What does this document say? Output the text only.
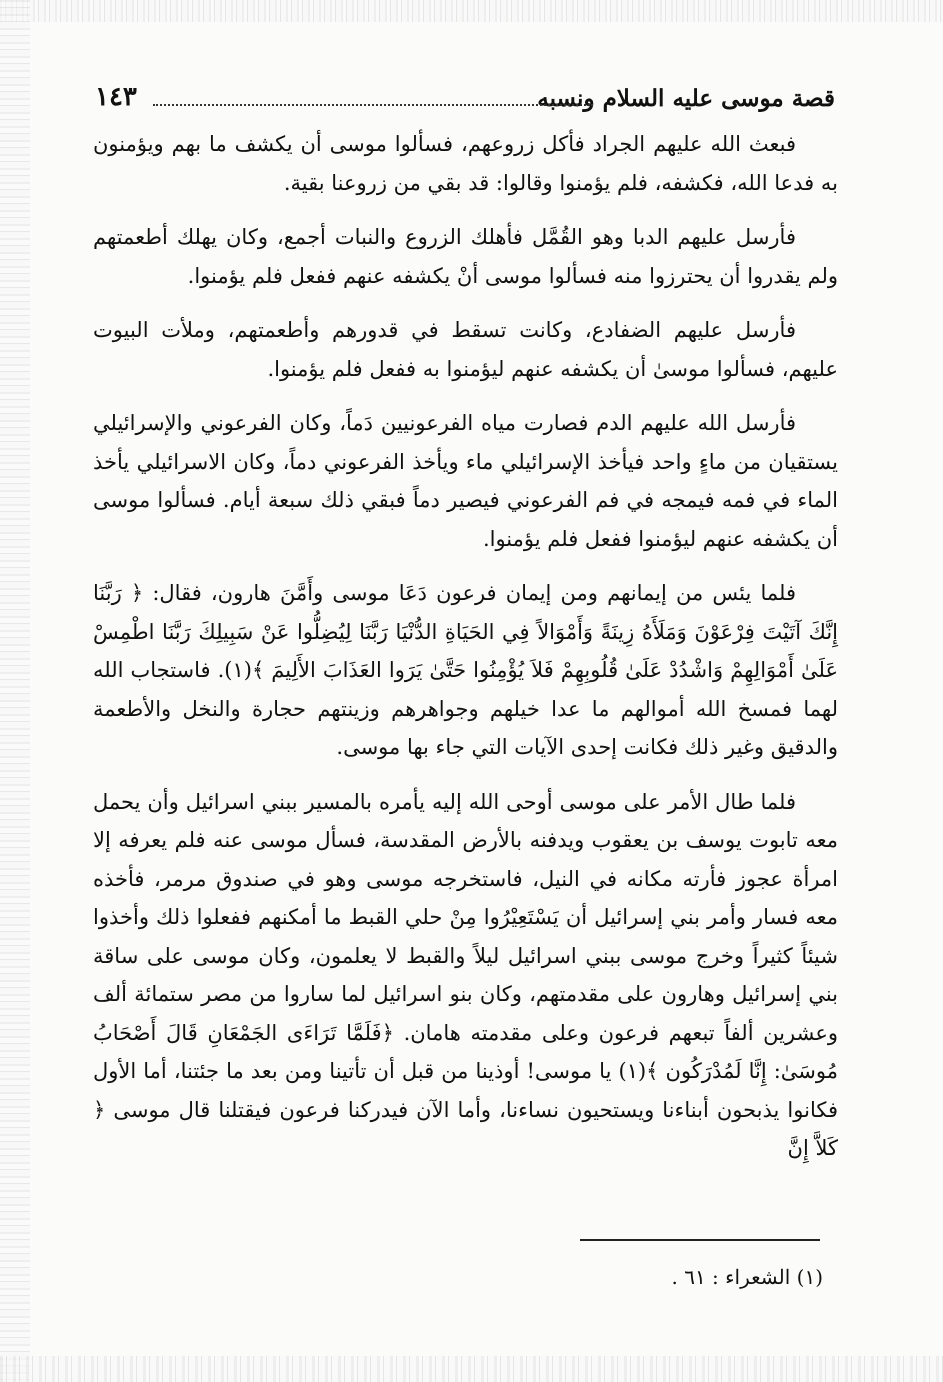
قصة موسى عليه السلام ونسبه
١٤٣

فبعث الله عليهم الجراد فأكل زروعهم، فسألوا موسى أن يكشف ما بهم ويؤمنون به فدعا الله، فكشفه، فلم يؤمنوا وقالوا: قد بقي من زروعنا بقية.

فأرسل عليهم الدبا وهو القُمَّل فأهلك الزروع والنبات أجمع، وكان يهلك أطعمتهم ولم يقدروا أن يحترزوا منه فسألوا موسى أنْ يكشفه عنهم ففعل فلم يؤمنوا.

فأرسل عليهم الضفادع، وكانت تسقط في قدورهم وأطعمتهم، وملأت البيوت عليهم، فسألوا موسىٰ أن يكشفه عنهم ليؤمنوا به ففعل فلم يؤمنوا.

فأرسل الله عليهم الدم فصارت مياه الفرعونيين دَماً، وكان الفرعوني والإسرائيلي يستقيان من ماءٍ واحد فيأخذ الإسرائيلي ماء ويأخذ الفرعوني دماً، وكان الاسرائيلي يأخذ الماء في فمه فيمجه في فم الفرعوني فيصير دماً فبقي ذلك سبعة أيام. فسألوا موسى أن يكشفه عنهم ليؤمنوا ففعل فلم يؤمنوا.

فلما يئس من إيمانهم ومن إيمان فرعون دَعَا موسى وأَمَّنَ هارون، فقال: ﴿ رَبَّنَا إِنَّكَ آتَيْتَ فِرْعَوْنَ وَمَلَأَهُ زِينَةً وَأَمْوَالاً فِي الحَيَاةِ الدُّنْيَا رَبَّنَا لِيُضِلُّوا عَنْ سَبِيلِكَ رَبَّنَا اطْمِسْ عَلَىٰ أَمْوَالِهِمْ وَاشْدُدْ عَلَىٰ قُلُوبِهِمْ فَلاَ يُؤْمِنُوا حَتَّىٰ يَرَوا العَذَابَ الأَلِيمَ ﴾(١). فاستجاب الله لهما فمسخ الله أموالهم ما عدا خيلهم وجواهرهم وزينتهم حجارة والنخل والأطعمة والدقيق وغير ذلك فكانت إحدى الآيات التي جاء بها موسى.

فلما طال الأمر على موسى أوحى الله إليه يأمره بالمسير ببني اسرائيل وأن يحمل معه تابوت يوسف بن يعقوب ويدفنه بالأرض المقدسة، فسأل موسى عنه فلم يعرفه إلا امرأة عجوز فأرته مكانه في النيل، فاستخرجه موسى وهو في صندوق مرمر، فأخذه معه فسار وأمر بني إسرائيل أن يَسْتَعِيْرُوا مِنْ حلي القبط ما أمكنهم ففعلوا ذلك وأخذوا شيئاً كثيراً وخرج موسى ببني اسرائيل ليلاً والقبط لا يعلمون، وكان موسى على ساقة بني إسرائيل وهارون على مقدمتهم، وكان بنو اسرائيل لما ساروا من مصر ستمائة ألف وعشرين ألفاً تبعهم فرعون وعلى مقدمته هامان. ﴿فَلَمَّا تَرَاءَى الجَمْعَانِ قَالَ أَصْحَابُ مُوسَىٰ: إِنَّا لَمُدْرَكُون ﴾(١) يا موسى! أوذينا من قبل أن تأتينا ومن بعد ما جئتنا، أما الأول فكانوا يذبحون أبناءنا ويستحيون نساءنا، وأما الآن فيدركنا فرعون فيقتلنا قال موسى ﴿ كَلاَّ إِنَّ

(١) الشعراء : ٦١ .
